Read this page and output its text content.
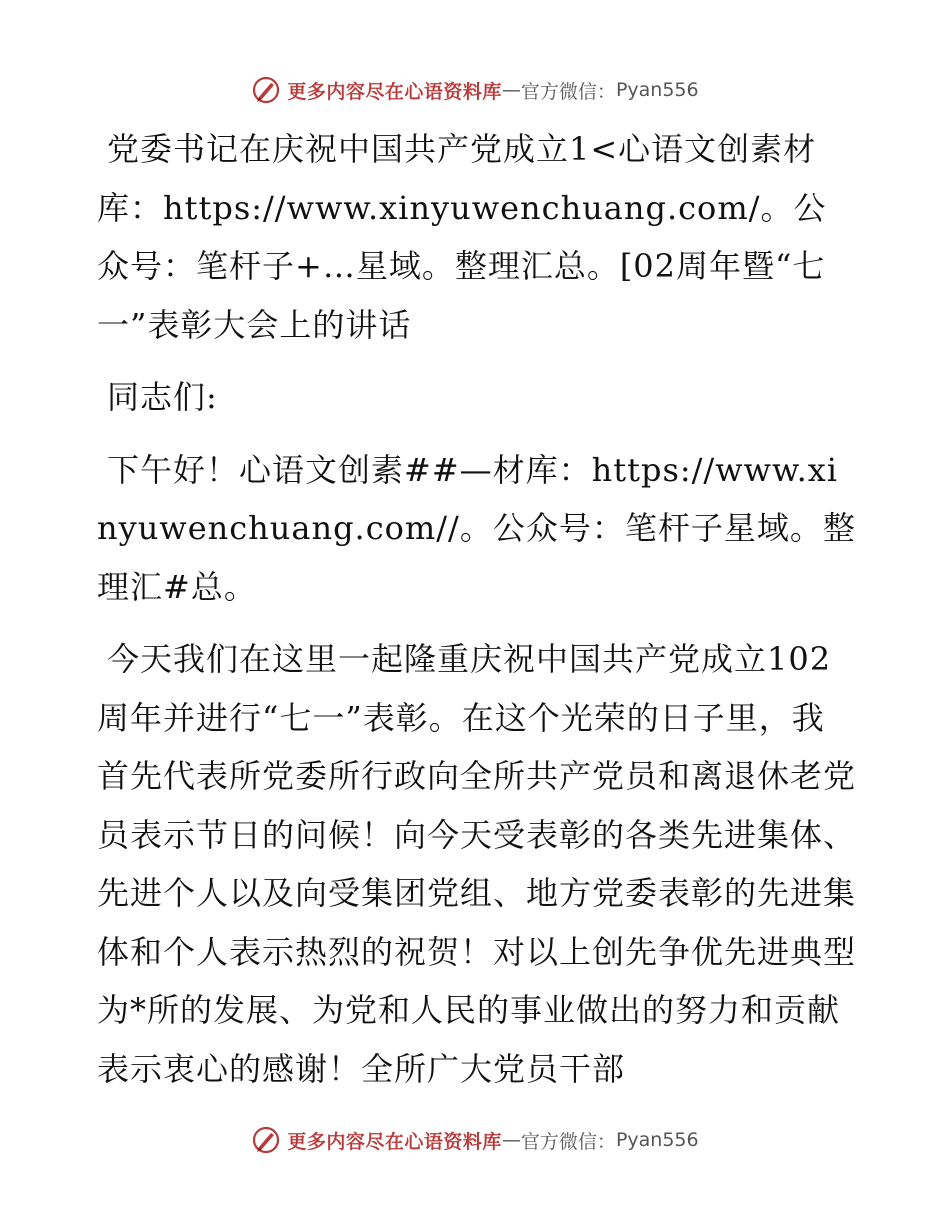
更多内容尽在心语资料库 — 官方微信： Pyan556

党委书记在庆祝中国共产党成立1<心语文创素材库：https://www.xinyuwenchuang.com/。公众号：笔杆子+…星域。整理汇总。[02周年暨“七一”表彰大会上的讲话

同志们:

下午好！心语文创素##—材库：https://www.xinyuwenchuang.com//。公众号：笔杆子星域。整理汇#总。

今天我们在这里一起隆重庆祝中国共产党成立102周年并进行“七一”表彰。在这个光荣的日子里，我首先代表所党委所行政向全所共产党员和离退休老党员表示节日的问候！向今天受表彰的各类先进集体、先进个人以及向受集团党组、地方党委表彰的先进集体和个人表示热烈的祝贺！对以上创先争优先进典型为*所的发展、为党和人民的事业做出的努力和贡献表示衷心的感谢！全所广大党员干部

更多内容尽在心语资料库 — 官方微信： Pyan556
